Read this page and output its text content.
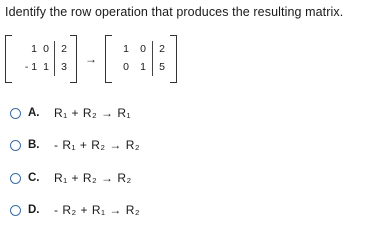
Identify the row operation that produces the resulting matrix.
1 0 2
- 1 1 3
→
1 0 2
0 1 5
A.	R₁ + R₂ → R₁
B.	- R₁ + R₂ → R₂
C.	R₁ + R₂ → R₂
D.	- R₂ + R₁ → R₂
